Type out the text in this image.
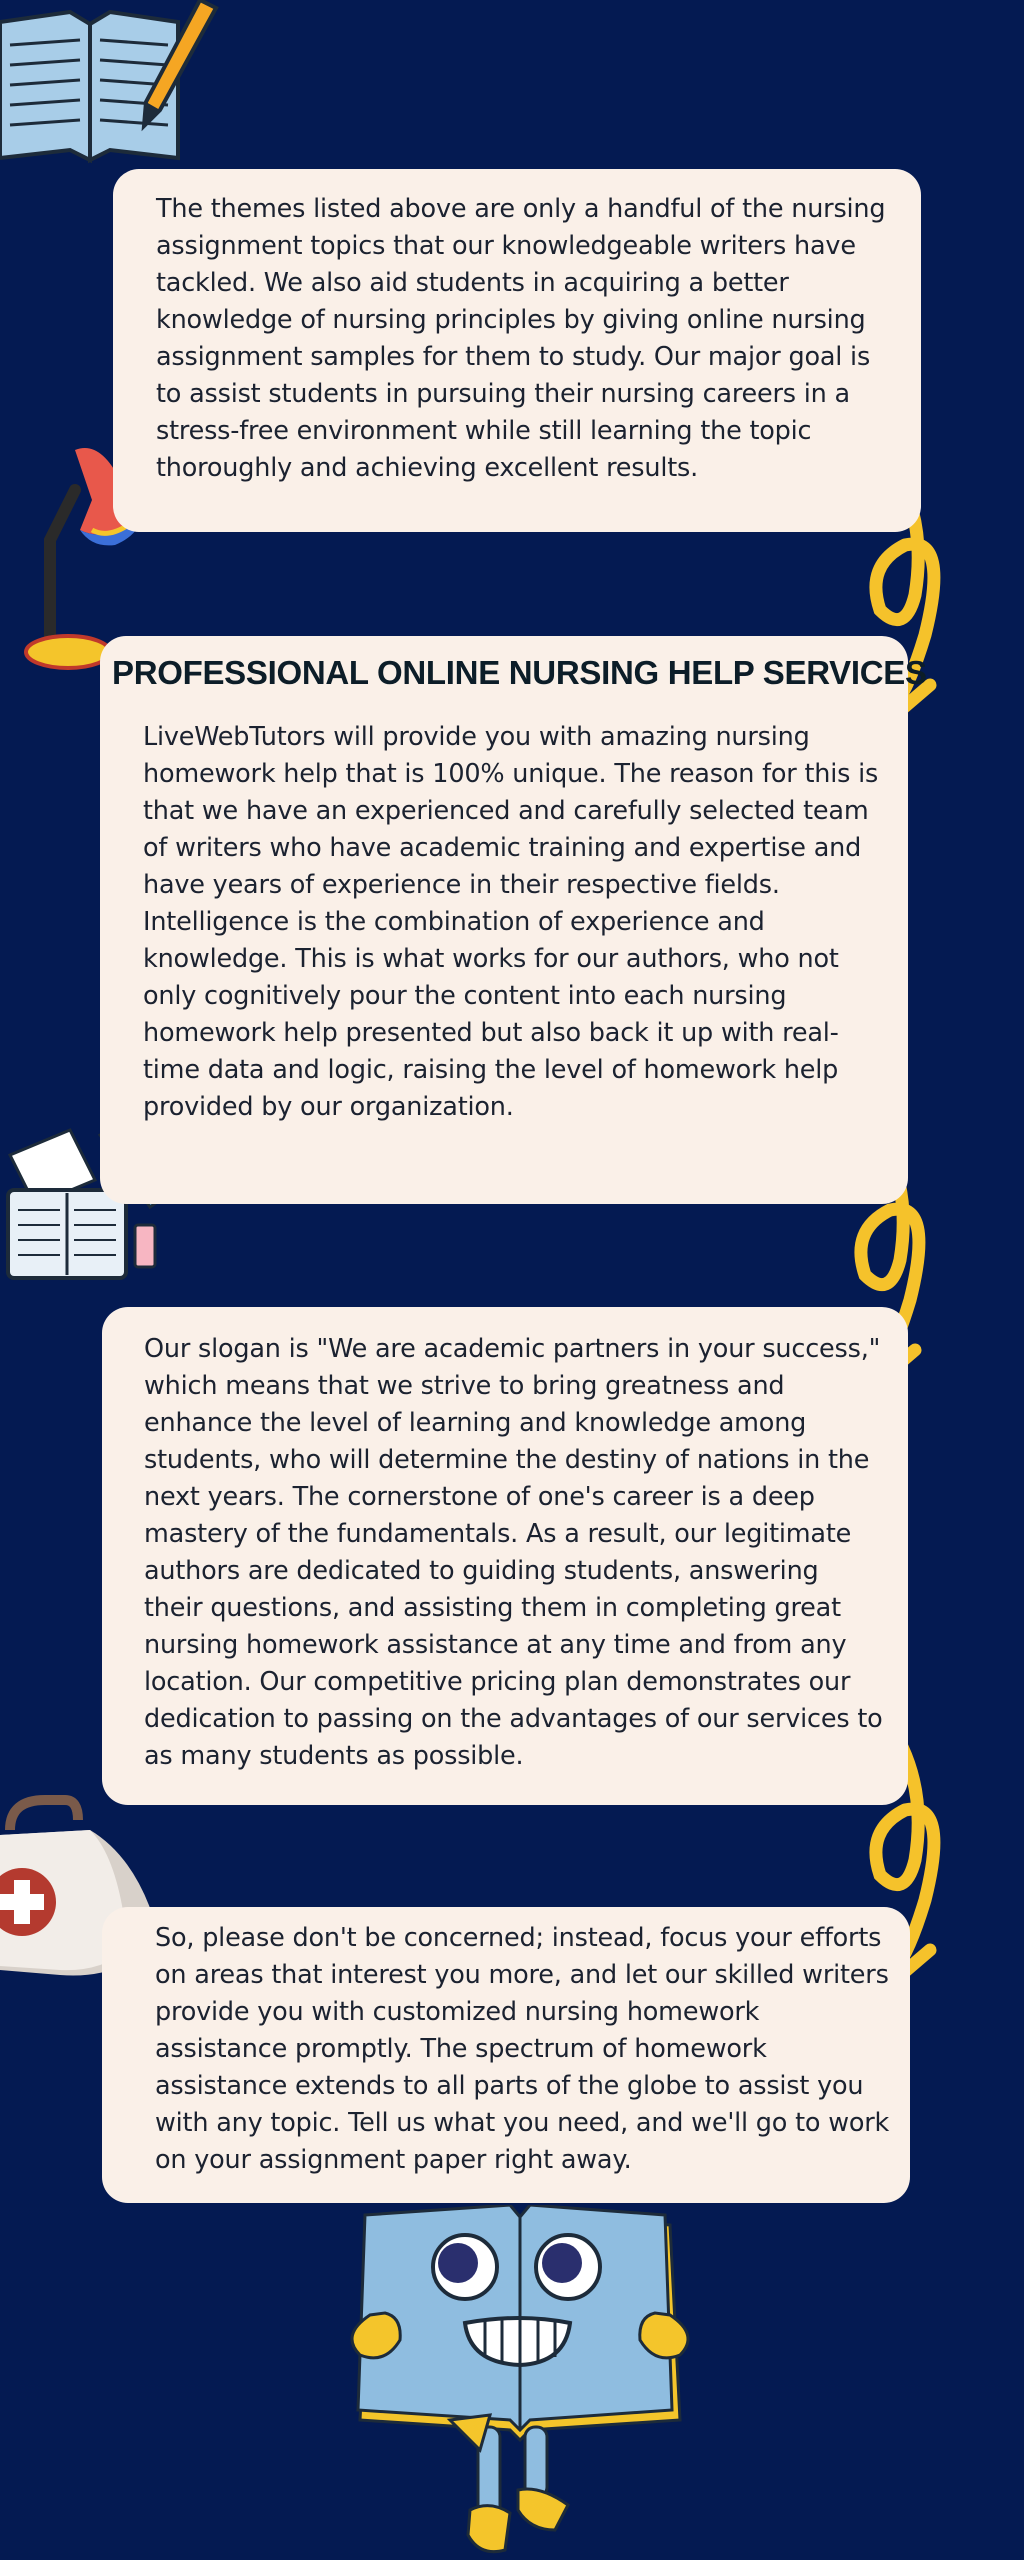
The themes listed above are only a handful of the nursing assignment topics that our knowledgeable writers have tackled. We also aid students in acquiring a better knowledge of nursing principles by giving online nursing assignment samples for them to study. Our major goal is to assist students in pursuing their nursing careers in a stress-free environment while still learning the topic thoroughly and achieving excellent results.

PROFESSIONAL ONLINE NURSING HELP SERVICES

LiveWebTutors will provide you with amazing nursing homework help that is 100% unique. The reason for this is that we have an experienced and carefully selected team of writers who have academic training and expertise and have years of experience in their respective fields. Intelligence is the combination of experience and knowledge. This is what works for our authors, who not only cognitively pour the content into each nursing homework help presented but also back it up with real-time data and logic, raising the level of homework help provided by our organization.

Our slogan is "We are academic partners in your success," which means that we strive to bring greatness and enhance the level of learning and knowledge among students, who will determine the destiny of nations in the next years. The cornerstone of one's career is a deep mastery of the fundamentals. As a result, our legitimate authors are dedicated to guiding students, answering their questions, and assisting them in completing great nursing homework assistance at any time and from any location. Our competitive pricing plan demonstrates our dedication to passing on the advantages of our services to as many students as possible.

So, please don't be concerned; instead, focus your efforts on areas that interest you more, and let our skilled writers provide you with customized nursing homework assistance promptly. The spectrum of homework assistance extends to all parts of the globe to assist you with any topic. Tell us what you need, and we'll go to work on your assignment paper right away.
